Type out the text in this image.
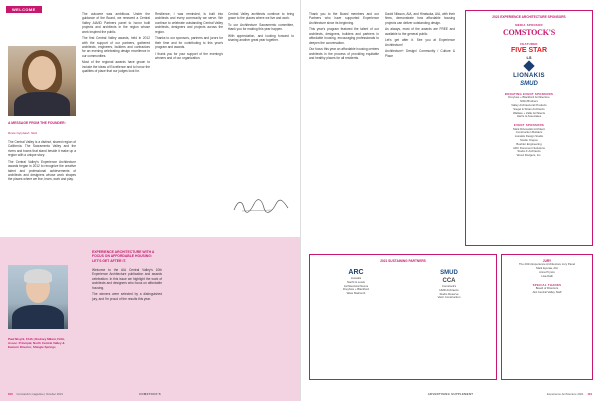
WELCOME
A MESSAGE FROM THE FOUNDER:
Rosie Gyrybash, SHA

The Central Valley is a distinct, shared region of California. The Sacramento Valley and the rivers and towns that stand beside it make up a region with a unique story.

The Central Valley's Experience Architecture awards began in 2012 to recognize the creative talent and professional achievements of architects and designers whose work shapes the places where we live, learn, work and play.

The outcome was ambitious. Under the guidance of the Board, we renewed a Central Valley AIA/ID Partners panel to honor built projects and architects in the region whose work inspired the public.

The first Central Valley awards, held in 2012 with the support of our partners, gathered architects, engineers, builders and contractors for an evening celebrating design excellence in our communities.

Most of the regional awards have grown to include the ideas of Excellence and to honor the qualities of place that our judges look for.

Resilience, I was reminded, is built into architects and every community we serve. We continue to celebrate outstanding Central Valley architects, designers and projects across the region.

Thanks to our sponsors, partners and jurors for their time and for contributing to this year's program and awards.

I thank you for your support of the evening's winners and of our organization.

Central Valley architects continue to bring grace to the places where we live and work.

To our Architecture Sacramento committee, thank you for making this year happen.

With appreciation, and looking forward to sharing another great year together.

Paul Nisyrk, FAIA | Rodney Milani, FAIA, Assoc. Principal, North Central Valley & Eastern Director, Shingle Springs
EXPERIENCE ARCHITECTURE WITH A FOCUS ON AFFORDABLE HOUSING: LET'S GET AFTER IT.

Welcome to the AIA Central Valley's 10th Experience Architecture publication and awards celebration. In this issue we highlight the work of architects and designers who focus on affordable housing.

The winners were selected by a distinguished jury, and I'm proud of the results this year.

100 Comstock's magazine | October 2021	COMSTOCK'S

Thank you to the Board members and our Partners who have supported Experience Architecture since its beginning.

This year's program featured the talent of our architects, designers, builders and partners in affordable housing, encouraging professionals to deepen the conversation.

Our focus this year on affordable housing centers architects in the process of providing equitable and healthy places for all residents.

David Nilsson, AIA, and Hiratsuka, AIA, with their firms, demonstrate how affordable housing projects can deliver outstanding design.

As always, most of the awards are FREE and available to the general public.

Let's get after it. See you at Experience Architecture!

Architecture+ Design/ Community / Culture & Place

2021 EXPERIENCE ARCHITECTURE SPONSORS
MEDIA SPONSOR
COMSTOCK'S
FEATURED
FIVE STAR
LS
LIONAKIS
SMUD
DONATING EVENT SPONSORS
Dreyfuss + Blackford Architecture
Nibbi Brothers
Valley Architectural Products
Siegel & Strain Architects
Wallace + Zalle Architects
Harris & Associates
EVENT SPONSORS
Mark Dziewulski Architect
Construction Builders
Lionakis Design Studio
Studio Orepco
Buehler Engineering
ARC Document Solutions
Studio F Architects
Wood Rodgers, Inc.
2021 SUSTAINING PARTNERS
ARC
Lionakis
Nacht & Lewis
Architectural Nexus
Dreyfuss + Blackford
Ware Malcomb
SMUD
CCA
Comstock's
HMR Architects
Studio Reserve
Vanir Construction
JURY
The 2021 Experience Architecture Jury Panel
Mark Eyeraa, AIA
Anna Pryszo
Lisa Dalli
SPECIAL THANKS
Board of Directors
AIA Central Valley Staff
ADVERTISING SUPPLEMENT	Experience Architecture 2021 101
